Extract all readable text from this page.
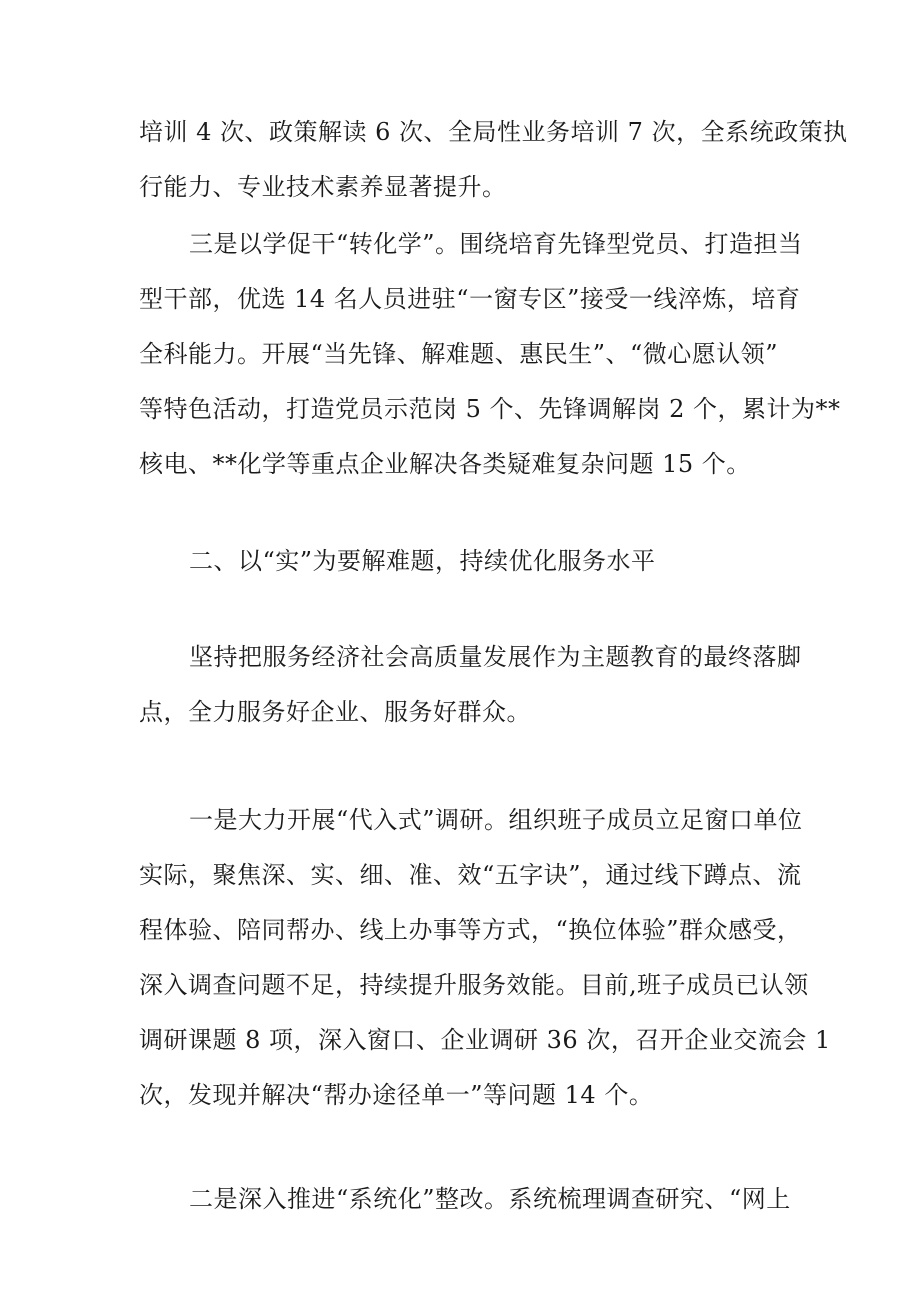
培训 4 次、政策解读 6 次、全局性业务培训 7 次，全系统政策执
行能力、专业技术素养显著提升。
三是以学促干“转化学”。围绕培育先锋型党员、打造担当
型干部，优选 14 名人员进驻“一窗专区”接受一线淬炼，培育
全科能力。开展“当先锋、解难题、惠民生”、“微心愿认领”
等特色活动，打造党员示范岗 5 个、先锋调解岗 2 个，累计为**
核电、**化学等重点企业解决各类疑难复杂问题 15 个。
二、以“实”为要解难题，持续优化服务水平
坚持把服务经济社会高质量发展作为主题教育的最终落脚
点，全力服务好企业、服务好群众。
一是大力开展“代入式”调研。组织班子成员立足窗口单位
实际，聚焦深、实、细、准、效“五字诀”，通过线下蹲点、流
程体验、陪同帮办、线上办事等方式，“换位体验”群众感受，
深入调查问题不足，持续提升服务效能。目前,班子成员已认领
调研课题 8 项，深入窗口、企业调研 36 次，召开企业交流会 1
次，发现并解决“帮办途径单一”等问题 14 个。
二是深入推进“系统化”整改。系统梳理调查研究、“网上
